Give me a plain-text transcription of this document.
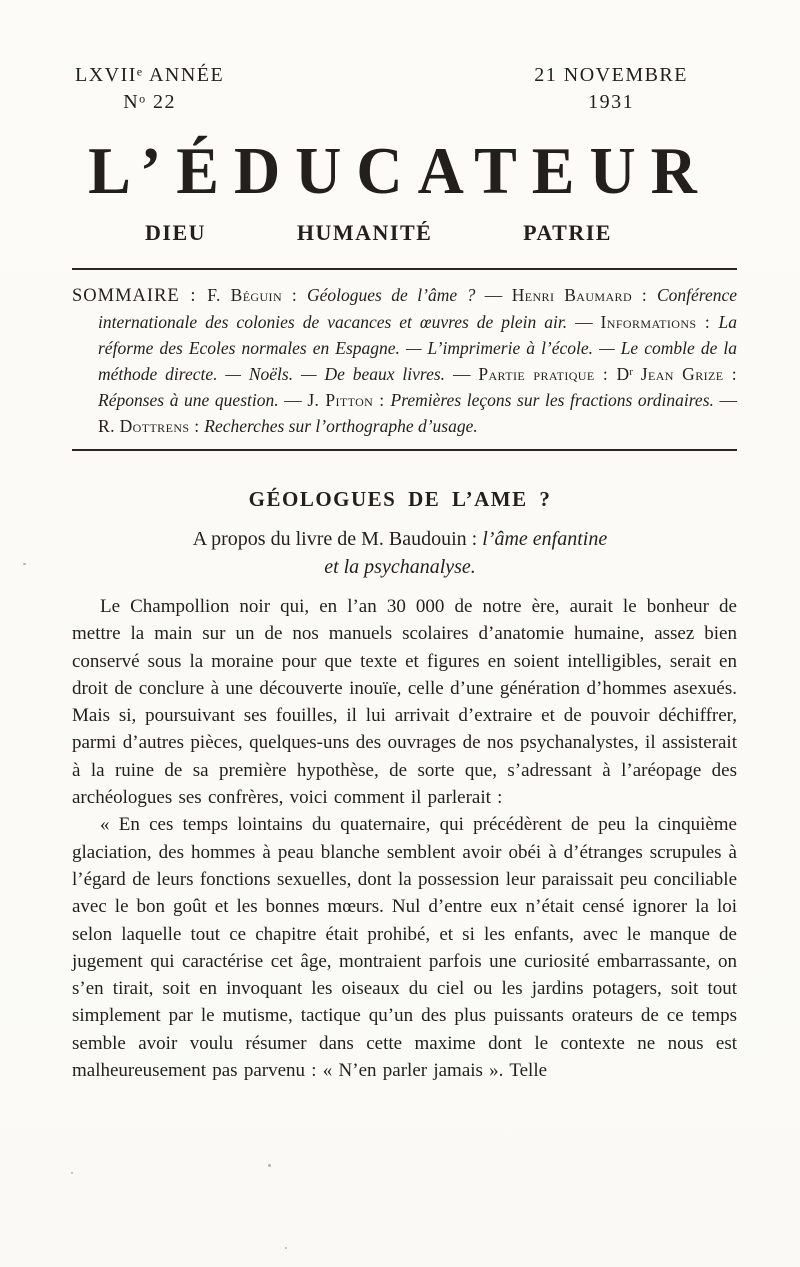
LXVIIᵉ ANNÉE
Nᵒ 22
21 NOVEMBRE
1931
L’ÉDUCATEUR
DIEU	HUMANITÉ	PATRIE
SOMMAIRE : F. Béguin : Géologues de l’âme ? — Henri Baumard : Conférence internationale des colonies de vacances et œuvres de plein air. — Informations : La réforme des Ecoles normales en Espagne. — L’imprimerie à l’école. — Le comble de la méthode directe. — Noëls. — De beaux livres. — Partie pratique : Dʳ Jean Grize : Réponses à une question. — J. Pitton : Premières leçons sur les fractions ordinaires. — R. Dottrens : Recherches sur l’orthographe d’usage.
GÉOLOGUES DE L’AME ?
A propos du livre de M. Baudouin : l’âme enfantine
et la psychanalyse.

Le Champollion noir qui, en l’an 30 000 de notre ère, aurait le bonheur de mettre la main sur un de nos manuels scolaires d’anatomie humaine, assez bien conservé sous la moraine pour que texte et figures en soient intelligibles, serait en droit de conclure à une découverte inouïe, celle d’une génération d’hommes asexués. Mais si, poursuivant ses fouilles, il lui arrivait d’extraire et de pouvoir déchiffrer, parmi d’autres pièces, quelques-uns des ouvrages de nos psychanalystes, il assisterait à la ruine de sa première hypothèse, de sorte que, s’adressant à l’aréopage des archéologues ses confrères, voici comment il parlerait :

« En ces temps lointains du quaternaire, qui précédèrent de peu la cinquième glaciation, des hommes à peau blanche semblent avoir obéi à d’étranges scrupules à l’égard de leurs fonctions sexuelles, dont la possession leur paraissait peu conciliable avec le bon goût et les bonnes mœurs. Nul d’entre eux n’était censé ignorer la loi selon laquelle tout ce chapitre était prohibé, et si les enfants, avec le manque de jugement qui caractérise cet âge, montraient parfois une curiosité embarrassante, on s’en tirait, soit en invoquant les oiseaux du ciel ou les jardins potagers, soit tout simplement par le mutisme, tactique qu’un des plus puissants orateurs de ce temps semble avoir voulu résumer dans cette maxime dont le contexte ne nous est malheureusement pas parvenu : « N’en parler jamais ». Telle
